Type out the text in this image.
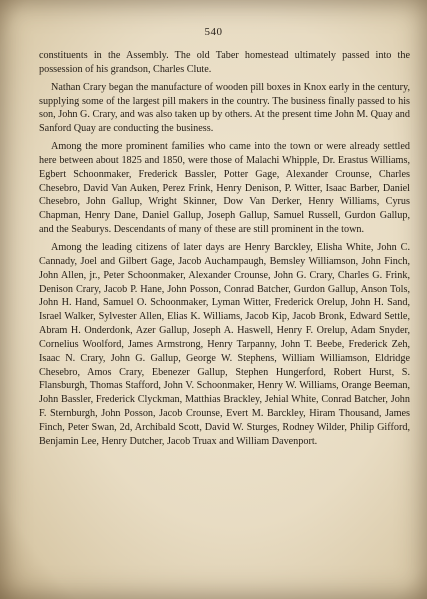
540

constituents in the Assembly. The old Taber homestead ultimately passed into the possession of his grandson, Charles Clute.

Nathan Crary began the manufacture of wooden pill boxes in Knox early in the century, supplying some of the largest pill makers in the country. The business finally passed to his son, John G. Crary, and was also taken up by others. At the present time John M. Quay and Sanford Quay are conducting the business.

Among the more prominent families who came into the town or were already settled here between about 1825 and 1850, were those of Malachi Whipple, Dr. Erastus Williams, Egbert Schoonmaker, Frederick Bassler, Potter Gage, Alexander Crounse, Charles Chesebro, David Van Auken, Perez Frink, Henry Denison, P. Witter, Isaac Barber, Daniel Chesebro, John Gallup, Wright Skinner, Dow Van Derker, Henry Williams, Cyrus Chapman, Henry Dane, Daniel Gallup, Joseph Gallup, Samuel Russell, Gurdon Gallup, and the Seaburys. Descendants of many of these are still prominent in the town.

Among the leading citizens of later days are Henry Barckley, Elisha White, John C. Cannady, Joel and Gilbert Gage, Jacob Auchampaugh, Bemsley Williamson, John Finch, John Allen, jr., Peter Schoonmaker, Alexander Crounse, John G. Crary, Charles G. Frink, Denison Crary, Jacob P. Hane, John Posson, Conrad Batcher, Gurdon Gallup, Anson Tols, John H. Hand, Samuel O. Schoonmaker, Lyman Witter, Frederick Orelup, John H. Sand, Israel Walker, Sylvester Allen, Elias K. Williams, Jacob Kip, Jacob Bronk, Edward Settle, Abram H. Onderdonk, Azer Gallup, Joseph A. Haswell, Henry F. Orelup, Adam Snyder, Cornelius Woolford, James Armstrong, Henry Tarpanny, John T. Beebe, Frederick Zeh, Isaac N. Crary, John G. Gallup, George W. Stephens, William Williamson, Eldridge Chesebro, Amos Crary, Ebenezer Gallup, Stephen Hungerford, Robert Hurst, S. Flansburgh, Thomas Stafford, John V. Schoonmaker, Henry W. Williams, Orange Beeman, John Bassler, Frederick Clyckman, Matthias Brackley, Jehial White, Conrad Batcher, John F. Sternburgh, John Posson, Jacob Crounse, Evert M. Barckley, Hiram Thousand, James Finch, Peter Swan, 2d, Archibald Scott, David W. Sturges, Rodney Wilder, Philip Gifford, Benjamin Lee, Henry Dutcher, Jacob Truax and William Davenport.
